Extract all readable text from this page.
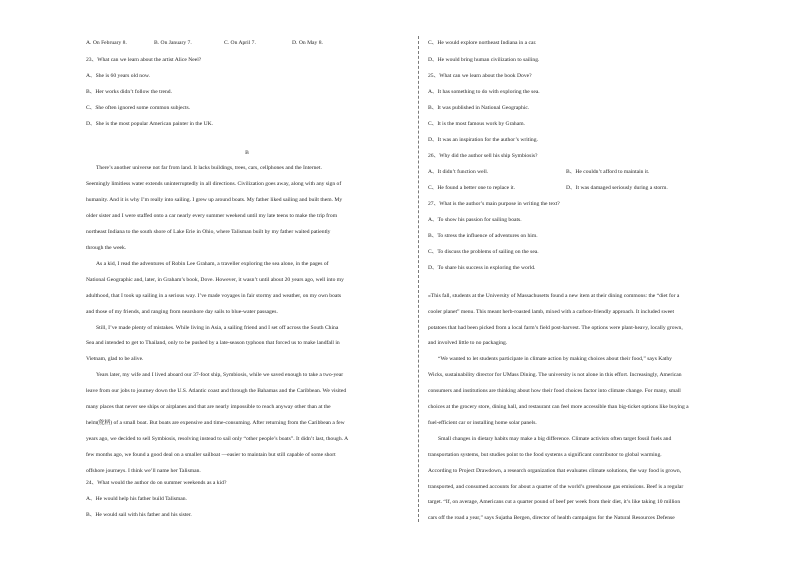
A. On February 8.	B. On January 7.	C. On April 7.	D. On May 8.
23、What can we learn about the artist Alice Neel?
A、She is 60 years old now.
B、Her works didn’t follow the trend.
C、She often ignored some common subjects.
D、She is the most popular American painter in the UK.
B
There’s another universe not far from land. It lacks buildings, trees, cars, cellphones and the Internet.
Seemingly limitless water extends uninterruptedly in all directions. Civilization goes away, along with any sign of
humanity. And it is why I’m really into sailing. I grew up around boats. My father liked sailing and built them. My
older sister and I were staffed onto a car nearly every summer weekend until my late teens to make the trip from
northeast Indiana to the south shore of Lake Erie in Ohio, where Talisman built by my father waited patiently
through the week.
As a kid, I read the adventures of Robin Lee Graham, a traveller exploring the sea alone, in the pages of
National Geographic and, later, in Graham’s book, Dove. However, it wasn’t until about 20 years ago, well into my
adulthood, that I took up sailing in a serious way. I’ve made voyages in fair stormy and weather, on my own boats
and those of my friends, and ranging from nearshore day sails to blue-water passages.
Still, I’ve made plenty of mistakes. While living in Asia, a sailing friend and I set off across the South China
Sea and intended to get to Thailand, only to be pushed by a late-season typhoon that forced us to make landfall in
Vietnam, glad to be alive.
Years later, my wife and I lived aboard our 37-foot ship, Symbiosis, while we saved enough to take a two-year
leave from our jobs to journey down the U.S. Atlantic coast and through the Bahamas and the Caribbean. We visited
many places that never see ships or airplanes and that are nearly impossible to reach anyway other than at the
helm(舵柄) of a small boat. But boats are expensive and time-consuming. After returning from the Caribbean a few
years ago, we decided to sell Symbiosis, resolving instead to sail only “other people’s boats”. It didn’t last, though. A
few months ago, we found a good deal on a smaller sailboat —easier to maintain but still capable of some short
offshore journeys. I think we’ll name her Talisman.
24、What would the author do on summer weekends as a kid?
A、He would help his father build Talisman.
B、He would sail with his father and his sister.
C、He would explore northeast Indiana in a car.
D、He would bring human civilization to sailing.
25、What can we learn about the book Dove?
A、It has something to do with exploring the sea.
B、It was published in National Geographic.
C、It is the most famous work by Graham.
D、It was an inspiration for the author’s writing.
26、Why did the author sell his ship Symbiosis?
A、It didn’t function well.	B、He couldn’t afford to maintain it.
C、He found a better one to replace it.	D、It was damaged seriously during a storm.
27、What is the author’s main purpose in writing the text?
A、To show his passion for sailing boats.
B、To stress the influence of adventures on him.
C、To discuss the problems of sailing on the sea.
D、To share his success in exploring the world.
«This fall, students at the University of Massachusetts found a new item at their dining commons: the “diet for a
cooler planet” menu. This meant herb-roasted lamb, mixed with a carbon-friendly approach. It included sweet
potatoes that had been picked from a local farm’s field post-harvest. The options were plant-heavy, locally grown,
and involved little to no packaging.
“We wanted to let students participate in climate action by making choices about their food,” says Kathy
Wicks, sustainability director for UMass Dining. The university is not alone in this effort. Increasingly, American
consumers and institutions are thinking about how their food choices factor into climate change. For many, small
choices at the grocery store, dining hall, and restaurant can feel more accessible than big-ticket options like buying a
fuel-efficient car or installing home solar panels.
Small changes in dietary habits may make a big difference. Climate activists often target fossil fuels and
transportation systems, but studies point to the food systems a significant contributor to global warming.
According to Project Drawdown, a research organization that evaluates climate solutions, the way food is grown,
transported, and consumed accounts for about a quarter of the world’s greenhouse gas emissions. Beef is a regular
target. “If, on average, Americans cut a quarter pound of beef per week from their diet, it’s like taking 10 million
cars off the road a year,” says Sujatha Bergen, director of health campaigns for the Natural Resources Defense
